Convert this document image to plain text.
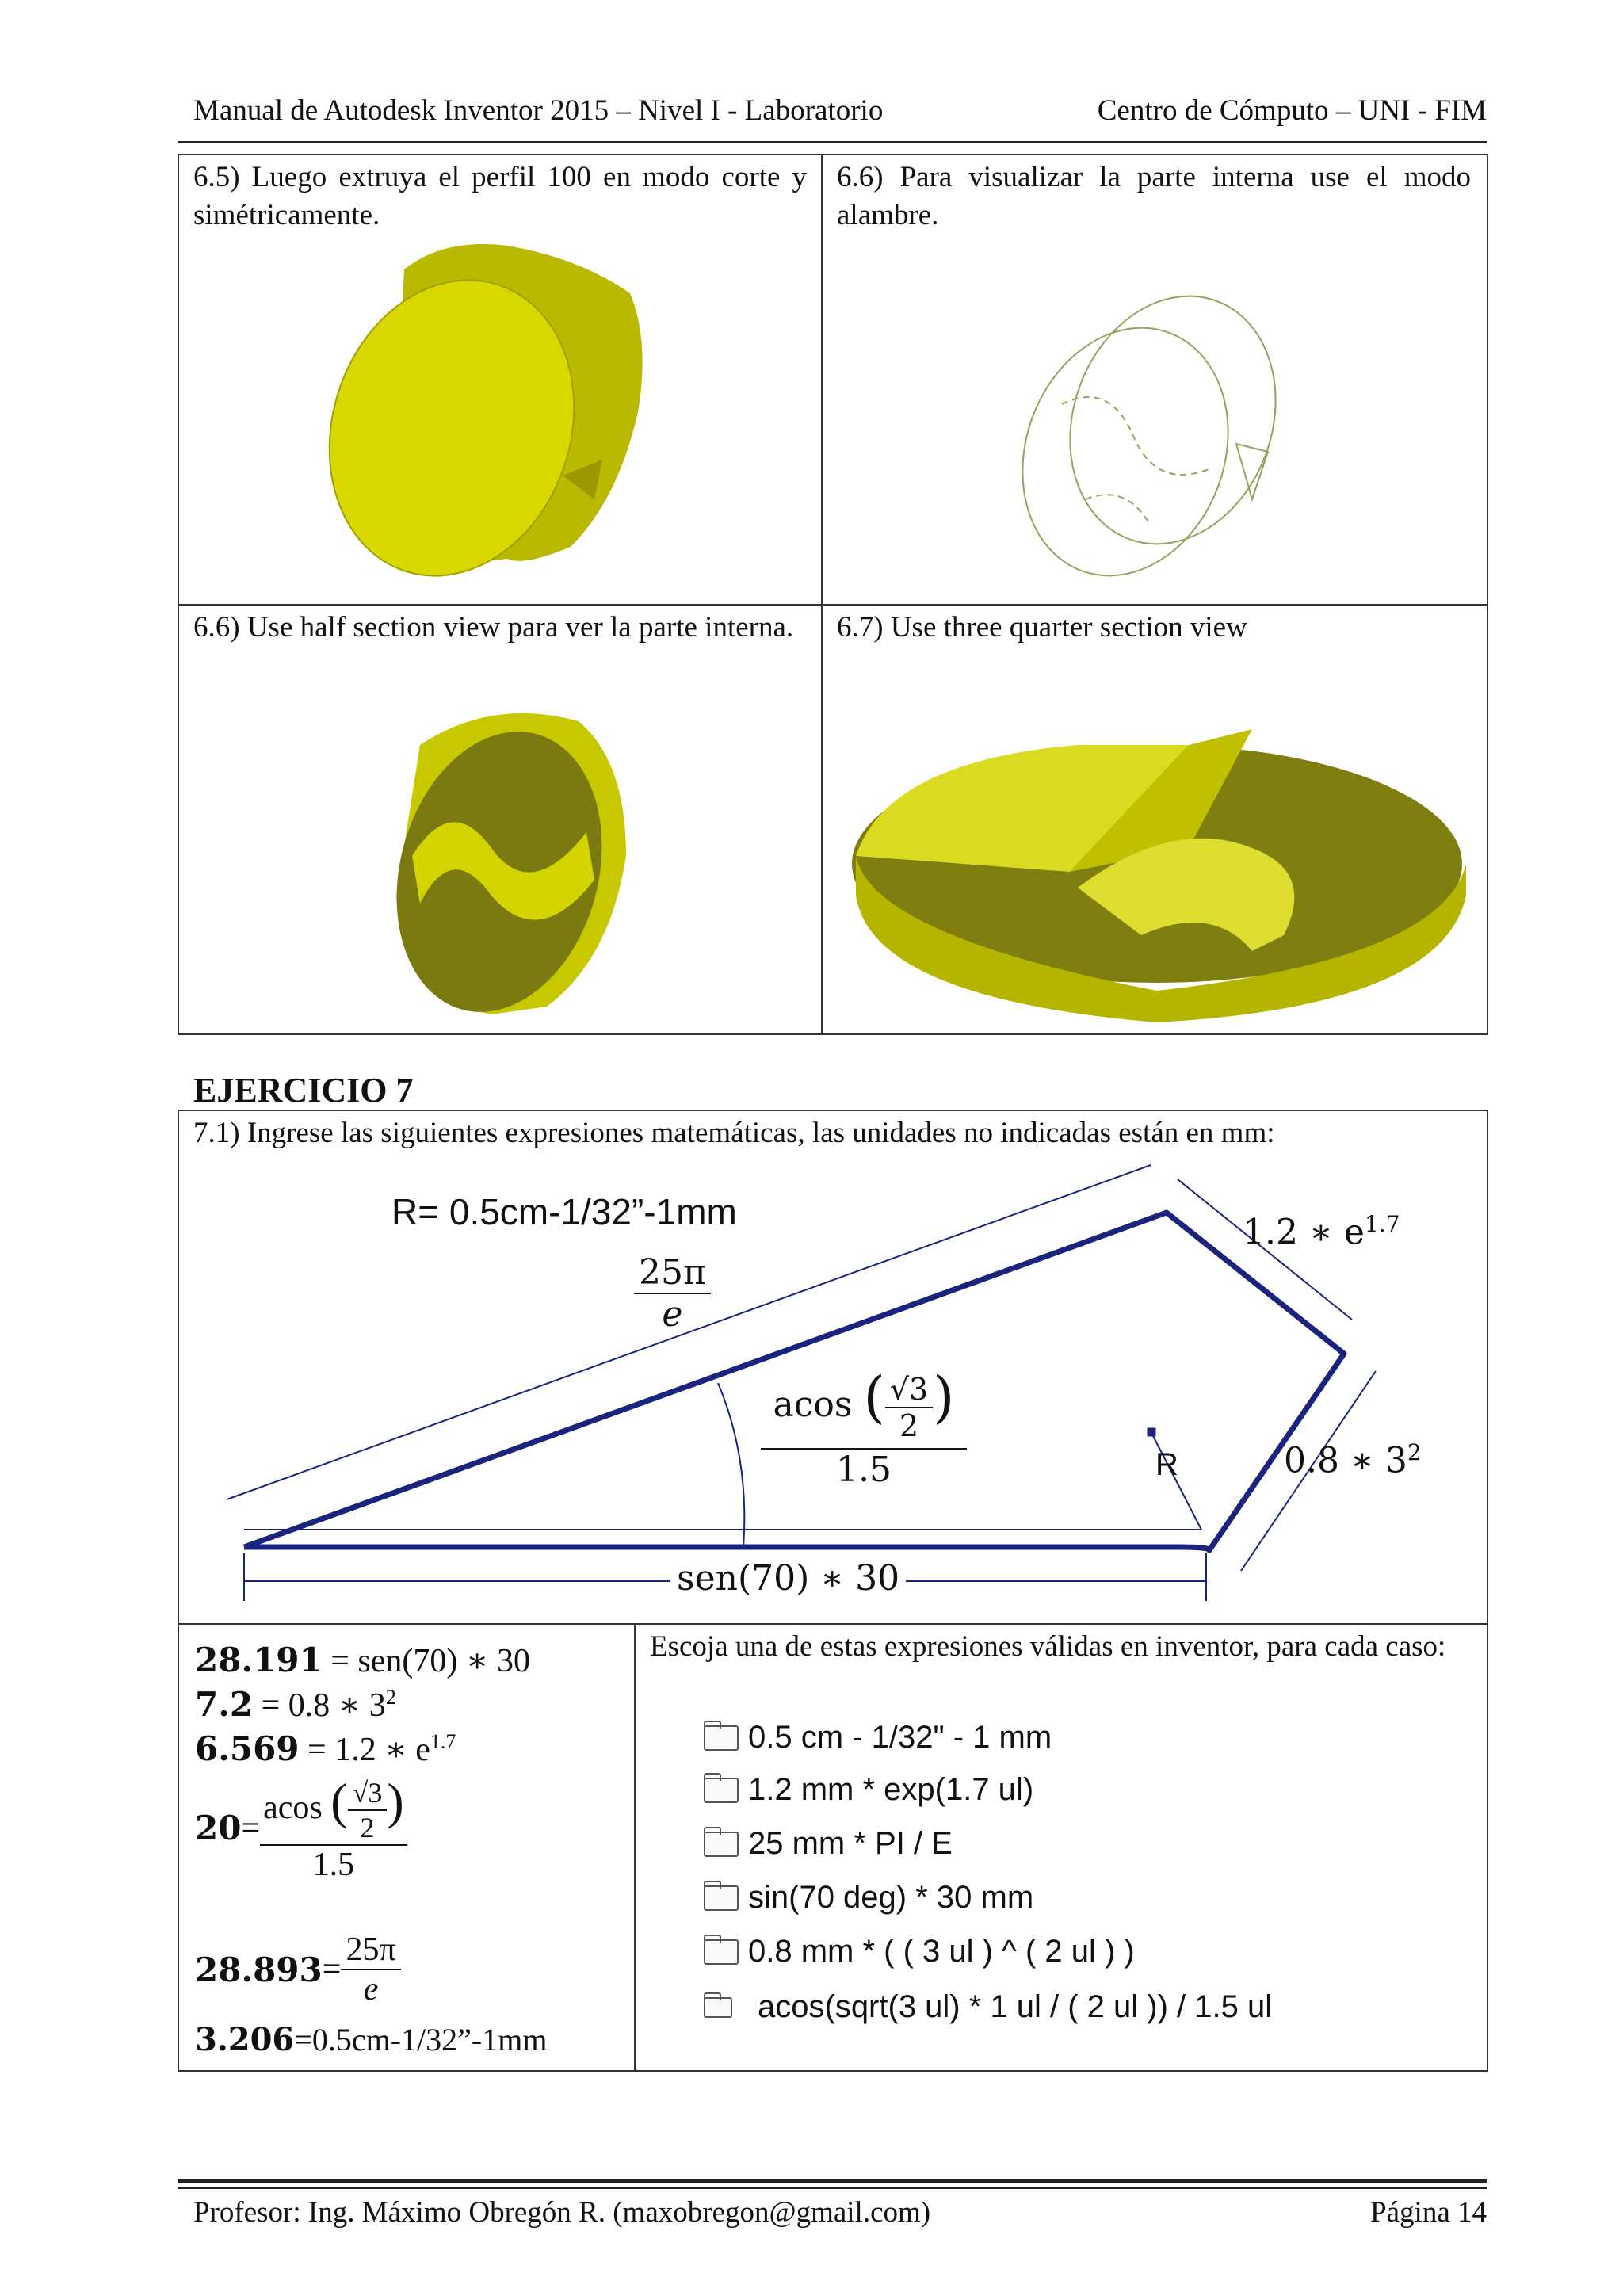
Manual de Autodesk Inventor 2015 – Nivel I - Laboratorio	Centro de Cómputo – UNI - FIM
6.5) Luego extruya el perfil 100 en modo corte y simétricamente.
6.6) Para visualizar la parte interna use el modo alambre.
6.6) Use half section view para ver la parte interna.	6.7) Use three quarter section view
EJERCICIO 7
7.1) Ingrese las siguientes expresiones matemáticas, las unidades no indicadas están en mm:
R= 0.5cm-1/32”-1mm
$\frac{25\pi}{e}$
acos ( $\frac{√3}{2}$ )
1.5
1.2 ∗ $e^{1.7}$
0.8 ∗ $3^2$
R
sen(70) ∗ 30
28.191 = sen(70) ∗ 30
7.2 = 0.8 ∗ $3^2$
6.569 = 1.2 ∗ $e^{1.7}$
$20 = \frac{acos ( \frac{√3}{2} )}{1.5}$
$28.893 = \frac{25\pi}{e}$
3.206=0.5cm-1/32”-1mm
Escoja una de estas expresiones válidas en inventor, para cada caso:
0.5 cm - 1/32" - 1 mm
1.2 mm * exp(1.7 ul)
25 mm * PI / E
sin(70 deg) * 30 mm
0.8 mm * ( ( 3 ul ) ^ ( 2 ul ) )
acos(sqrt(3 ul) * 1 ul / ( 2 ul )) / 1.5 ul
Profesor: Ing. Máximo Obregón R. (maxobregon@gmail.com)	Página 14
